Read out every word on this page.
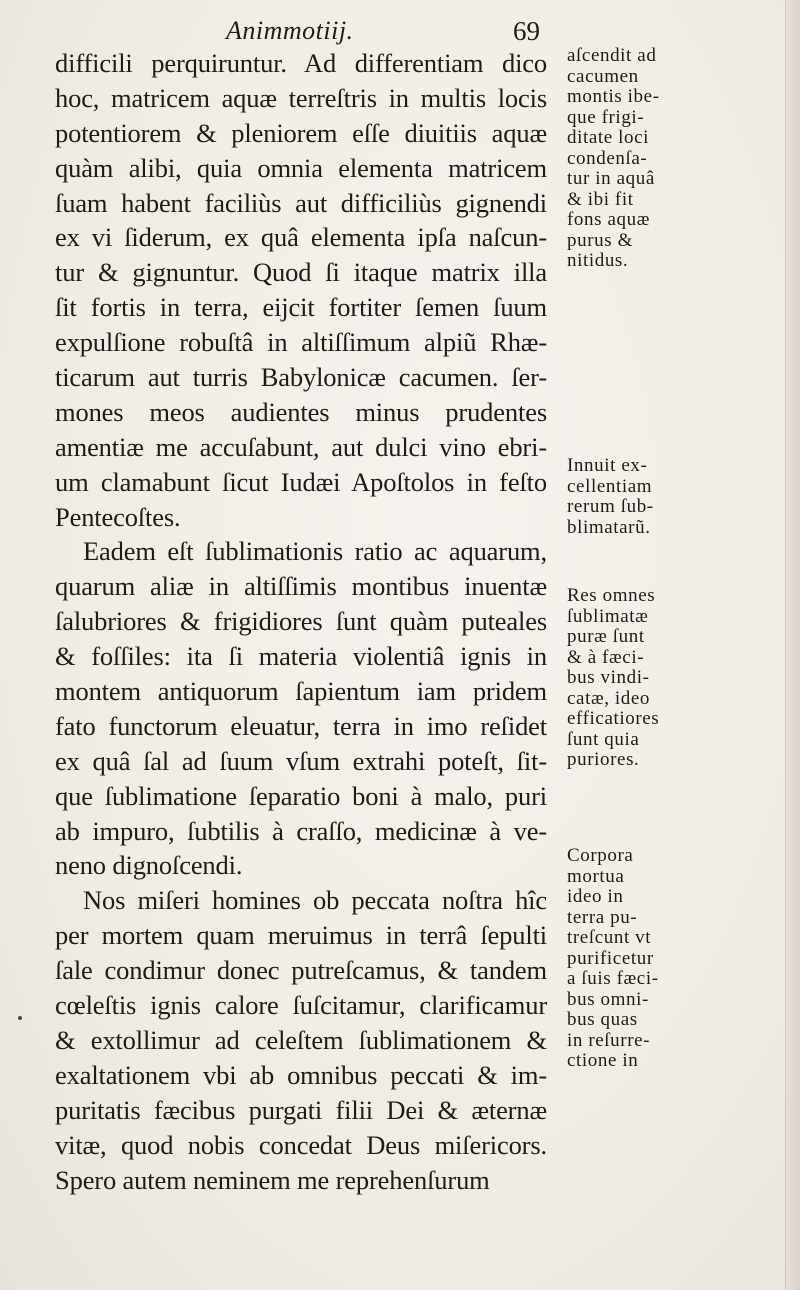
Animmotiij.	69
difficili perquiruntur. Ad differentiam dico
hoc, matricem aquæ terreſtris in multis locis
potentiorem & pleniorem eſſe diuitiis aquæ
quàm alibi, quia omnia elementa matricem
ſuam habent faciliùs aut difficiliùs gignendi
ex vi ſiderum, ex quâ elementa ipſa naſcun-
tur & gignuntur. Quod ſi itaque matrix illa
ſit fortis in terra, eijcit fortiter ſemen ſuum
expulſione robuſtâ in altiſſimum alpiũ Rhæ-
ticarum aut turris Babylonicæ cacumen. ſer-
mones meos audientes minus prudentes
amentiæ me accuſabunt, aut dulci vino ebri-
um clamabunt ſicut Iudæi Apoſtolos in feſto
Pentecoſtes.
Eadem eſt ſublimationis ratio ac aquarum,
quarum aliæ in altiſſimis montibus inuentæ
ſalubriores & frigidiores ſunt quàm puteales
& foſſiles: ita ſi materia violentiâ ignis in
montem antiquorum ſapientum iam pridem
fato functorum eleuatur, terra in imo reſidet
ex quâ ſal ad ſuum vſum extrahi poteſt, ſit-
que ſublimatione ſeparatio boni à malo, puri
ab impuro, ſubtilis à craſſo, medicinæ à ve-
neno dignoſcendi.
Nos miſeri homines ob peccata noſtra hîc
per mortem quam meruimus in terrâ ſepulti
ſale condimur donec putreſcamus, & tandem
cœleſtis ignis calore ſuſcitamur, clarificamur
& extollimur ad celeſtem ſublimationem &
exaltationem vbi ab omnibus peccati & im-
puritatis fæcibus purgati filii Dei & æternæ
vitæ, quod nobis concedat Deus miſericors.
Spero autem neminem me reprehenſurum
aſcendit ad
cacumen
montis ibe-
que frigi-
ditate loci
condenſa-
tur in aquâ
& ibi fit
fons aquæ
purus &
nitidus.
Innuit ex-
cellentiam
rerum ſub-
blimatarũ.
Res omnes
ſublimatæ
puræ ſunt
& à fæci-
bus vindi-
catæ, ideo
efficatiores
ſunt quia
puriores.
Corpora
mortua
ideo in
terra pu-
treſcunt vt
purificetur
a ſuis fæci-
bus omni-
bus quas
in reſurre-
ctione in
